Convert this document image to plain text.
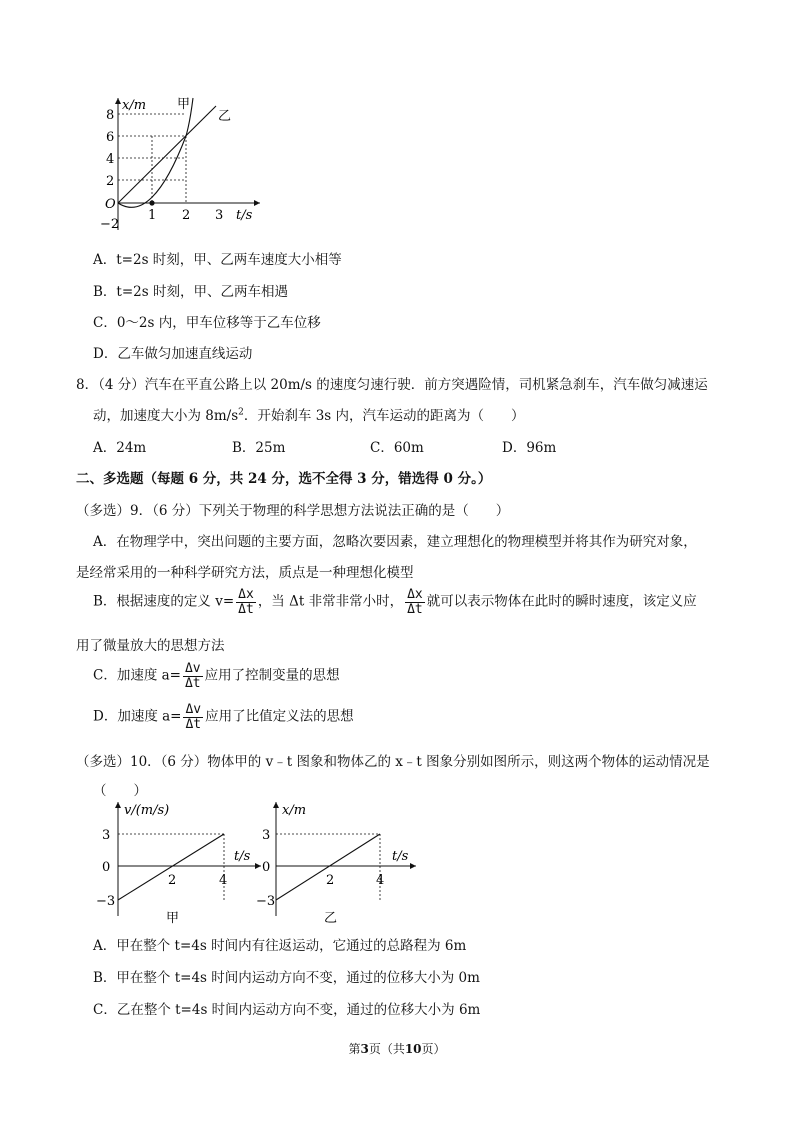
x/m 甲
乙
8
6
4
2
O
−2
1 2 3 t/s
A．t=2s 时刻，甲、乙两车速度大小相等
B．t=2s 时刻，甲、乙两车相遇
C．0～2s 内，甲车位移等于乙车位移
D．乙车做匀加速直线运动
8．（4 分）汽车在平直公路上以 20m/s 的速度匀速行驶．前方突遇险情，司机紧急刹车，汽车做匀减速运
动，加速度大小为 $8m/s^2$．开始刹车 3s 内，汽车运动的距离为（　　）
A．24m	B．25m	C．60m	D．96m
二、多选题（每题 6 分，共 24 分，选不全得 3 分，错选得 0 分。）
（多选）9．（6 分）下列关于物理的科学思想方法说法正确的是（　　）
A．在物理学中，突出问题的主要方面，忽略次要因素，建立理想化的物理模型并将其作为研究对象，
是经常采用的一种科学研究方法，质点是一种理想化模型
B．根据速度的定义 $v= \frac{\Delta x}{\Delta t}$ ，当 Δt 非常非常小时， $\frac{\Delta x}{\Delta t}$ 就可以表示物体在此时的瞬时速度，该定义应
用了微量放大的思想方法
C．加速度 $a= \frac{\Delta v}{\Delta t}$ 应用了控制变量的思想
D．加速度 $a= \frac{\Delta v}{\Delta t}$ 应用了比值定义法的思想
（多选）10．（6 分）物体甲的 v﹣t 图象和物体乙的 x﹣t 图象分别如图所示，则这两个物体的运动情况是
（　　）
v/(m/s)
3
0
−3
2	4
t/s
甲
x/m
3
0
−3
2	4
t/s
乙
A．甲在整个 t=4s 时间内有往返运动，它通过的总路程为 6m
B．甲在整个 t=4s 时间内运动方向不变，通过的位移大小为 0m
C．乙在整个 t=4s 时间内运动方向不变，通过的位移大小为 6m
第3页（共10页）
